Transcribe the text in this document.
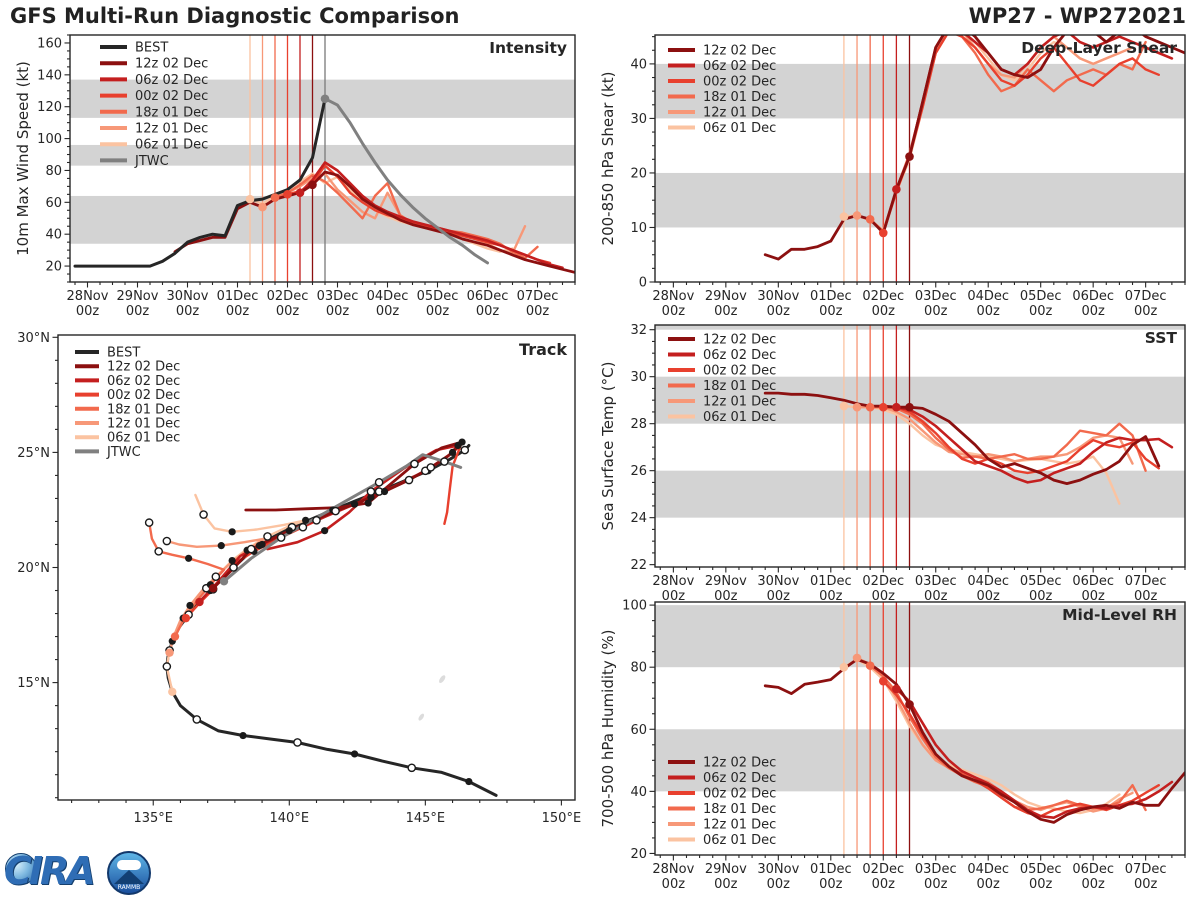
GFS Multi-Run Diagnostic Comparison	WP27 - WP272021
28Nov
00z
29Nov
00z
30Nov
00z
01Dec
00z
02Dec
00z
03Dec
00z
04Dec
00z
05Dec
00z
06Dec
00z
07Dec
00z
20
40
60
80
100
120
140
160	Intensity
10m Max Wind Speed (kt)
BEST
12z 02 Dec
06z 02 Dec
00z 02 Dec
18z 01 Dec
12z 01 Dec
06z 01 Dec
JTWC
28Nov
00z
29Nov
00z
30Nov
00z
01Dec
00z
02Dec
00z
03Dec
00z
04Dec
00z
05Dec
00z
06Dec
00z
07Dec
00z
0
10
20
30
40
Deep-Layer Shear
200-850 hPa Shear (kt)
12z 02 Dec
06z 02 Dec
00z 02 Dec
18z 01 Dec
12z 01 Dec
06z 01 Dec
28Nov
00z
29Nov
00z
30Nov
00z
01Dec
00z
02Dec
00z
03Dec
00z
04Dec
00z
05Dec
00z
06Dec
00z
07Dec
00z
22
24
26
28
30
32	SST
Sea Surface Temp (°C)
12z 02 Dec
06z 02 Dec
00z 02 Dec
18z 01 Dec
12z 01 Dec
06z 01 Dec
28Nov
00z
29Nov
00z
30Nov
00z
01Dec
00z
02Dec
00z
03Dec
00z
04Dec
00z
05Dec
00z
06Dec
00z
07Dec
00z
20
40
60
80
100	Mid-Level RH
700-500 hPa Humidity (%)	12z 02 Dec
06z 02 Dec
00z 02 Dec
18z 01 Dec
12z 01 Dec
06z 01 Dec
135°E	140°E	145°E	150°E
15°N
20°N
25°N
30°N
Track
BEST
12z 02 Dec
06z 02 Dec
00z 02 Dec
18z 01 Dec
12z 01 Dec
06z 01 Dec
JTWC
CIRA	RAMMB
